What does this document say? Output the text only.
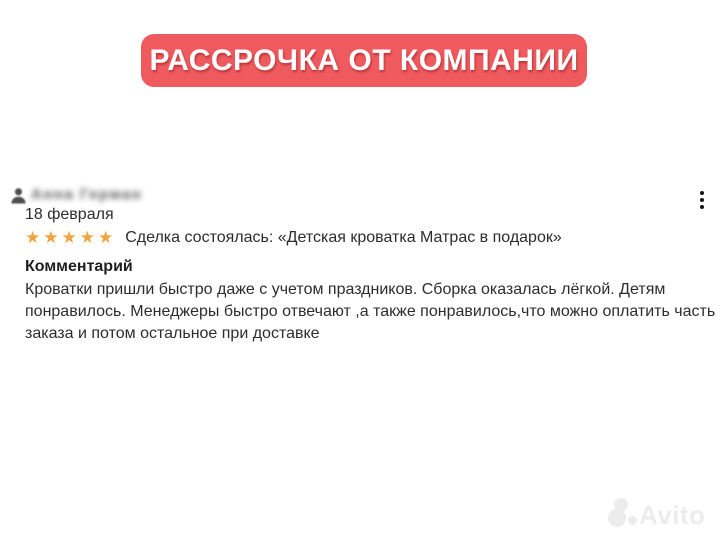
РАССРОЧКА ОТ КОМПАНИИ
Анна Герман
18 февраля
★★★★★ Сделка состоялась: «Детская кроватка Матрас в подарок»
Комментарий
Кроватки пришли быстро даже с учетом праздников. Сборка оказалась лёгкой. Детям
понравилось. Менеджеры быстро отвечают ,а также понравилось,что можно оплатить часть
заказа и потом остальное при доставке
Avito
